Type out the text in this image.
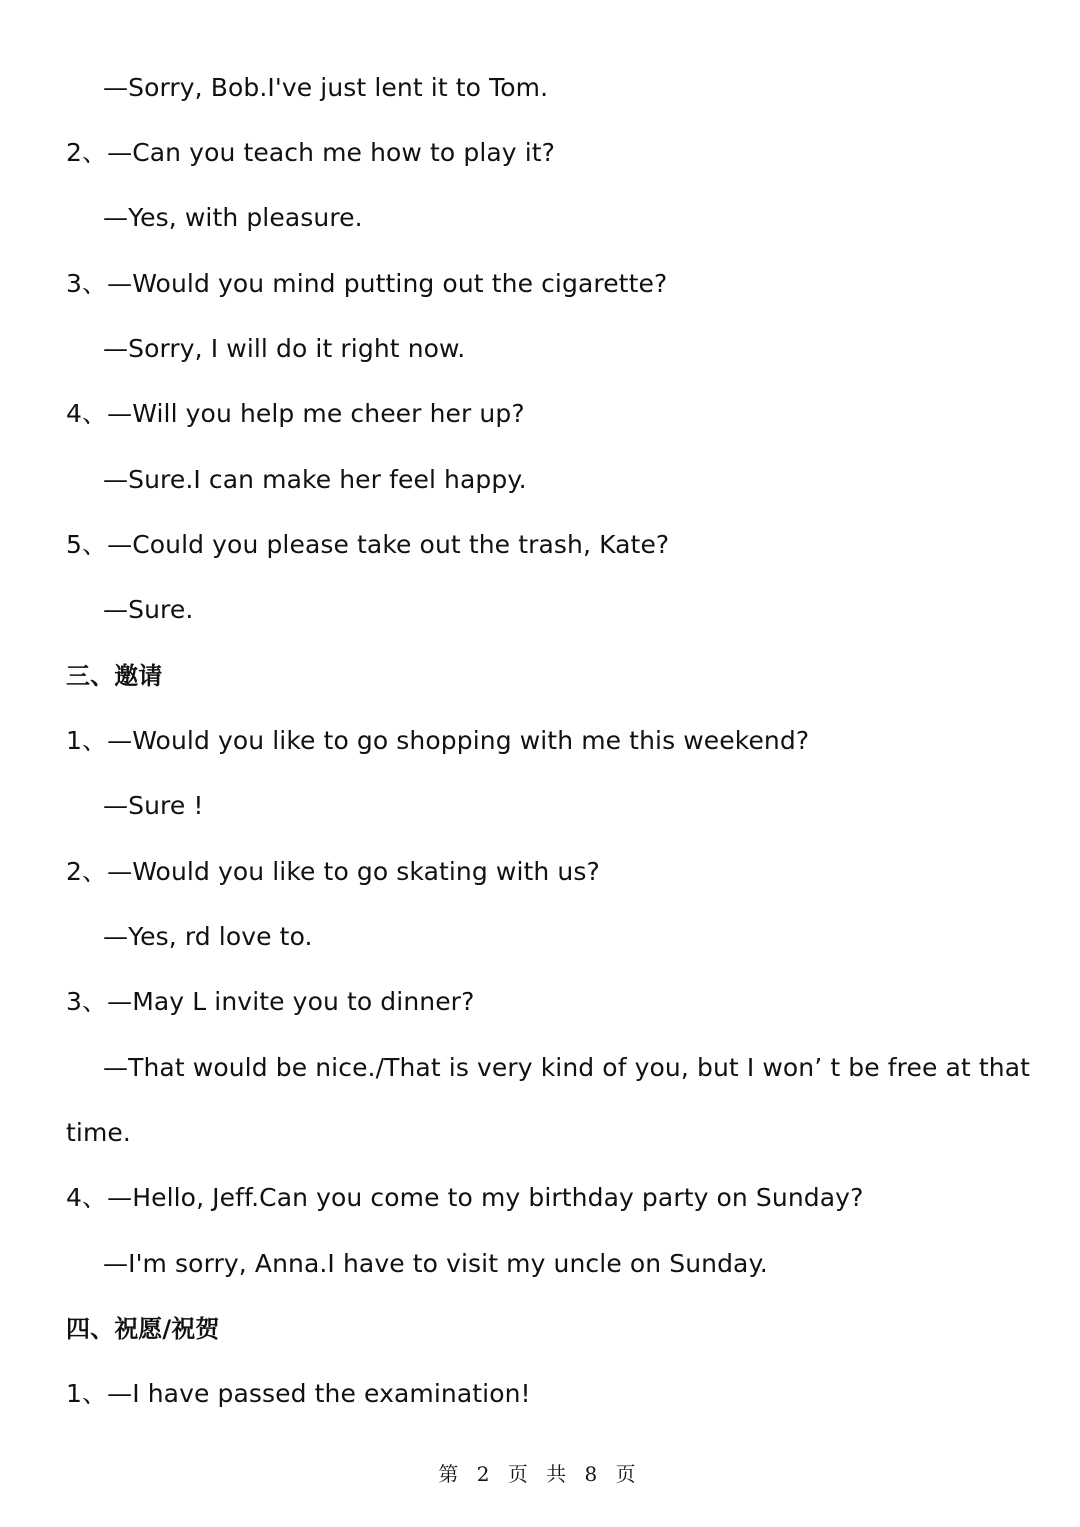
—Sorry, Bob.I've just lent it to Tom.
2、—Can you teach me how to play it?
—Yes, with pleasure.
3、—Would you mind putting out the cigarette?
—Sorry, I will do it right now.
4、—Will you help me cheer her up?
—Sure.I can make her feel happy.
5、—Could you please take out the trash, Kate?
—Sure.
三、邀请
1、—Would you like to go shopping with me this weekend?
—Sure !
2、—Would you like to go skating with us?
—Yes, rd love to.
3、—May L invite you to dinner?
—That would be nice./That is very kind of you, but I won’ t be free at that
time.
4、—Hello, Jeff.Can you come to my birthday party on Sunday?
—I'm sorry, Anna.I have to visit my uncle on Sunday.
四、祝愿/祝贺
1、—I have passed the examination!
第 2 页 共 8 页
